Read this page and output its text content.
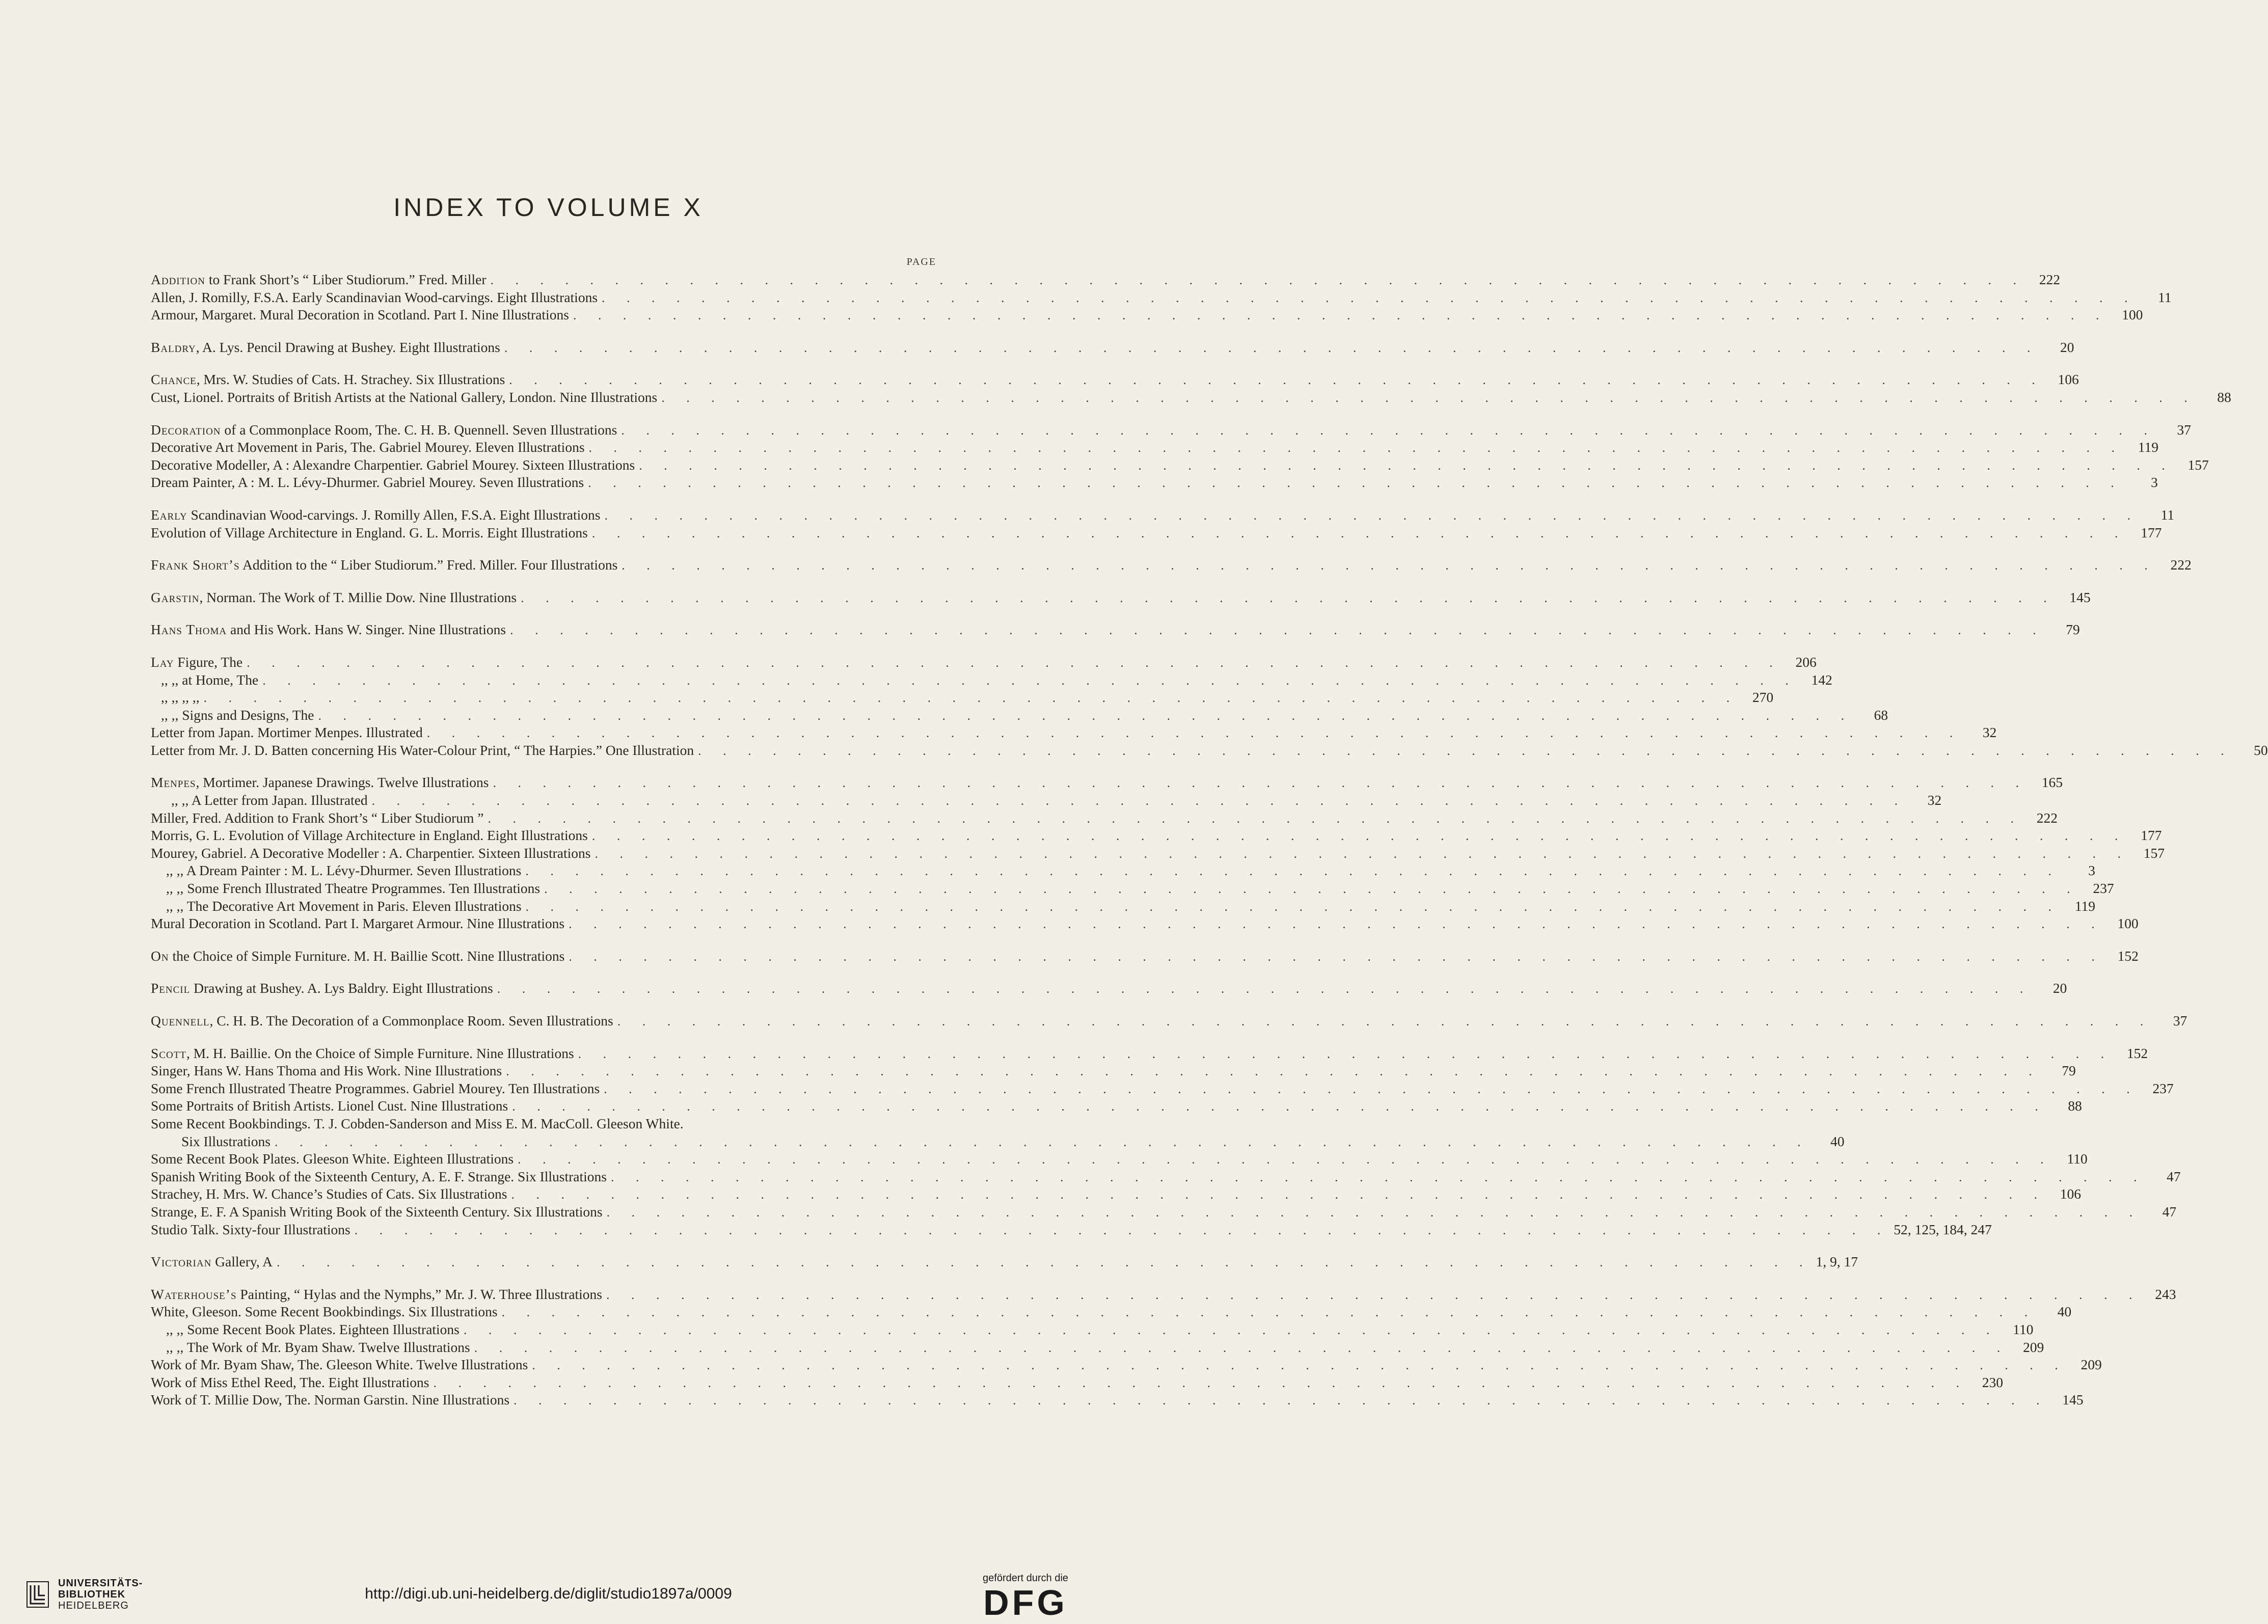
INDEX TO VOLUME X
PAGE
Addition to Frank Short’s “ Liber Studiorum.” Fred. Miller . . .	222
Allen, J. Romilly, F.S.A. Early Scandinavian Wood-carvings. Eight Illustrations . . .	11
Armour, Margaret. Mural Decoration in Scotland. Part I. Nine Illustrations . . .	100
Baldry, A. Lys. Pencil Drawing at Bushey. Eight Illustrations . . .	20
Chance, Mrs. W. Studies of Cats. H. Strachey. Six Illustrations . . .	106
Cust, Lionel. Portraits of British Artists at the National Gallery, London. Nine Illustrations . . .	88
Decoration of a Commonplace Room, The. C. H. B. Quennell. Seven Illustrations . . .	37
Decorative Art Movement in Paris, The. Gabriel Mourey. Eleven Illustrations . . .	119
Decorative Modeller, A : Alexandre Charpentier. Gabriel Mourey. Sixteen Illustrations . . .	157
Dream Painter, A : M. L. Lévy-Dhurmer. Gabriel Mourey. Seven Illustrations . . .	3
Early Scandinavian Wood-carvings. J. Romilly Allen, F.S.A. Eight Illustrations . . .	11
Evolution of Village Architecture in England. G. L. Morris. Eight Illustrations . . .	177
Frank Short’s Addition to the “ Liber Studiorum.” Fred. Miller. Four Illustrations . . .	222
Garstin, Norman. The Work of T. Millie Dow. Nine Illustrations . . .	145
Hans Thoma and His Work. Hans W. Singer. Nine Illustrations . . .	79
Lay Figure, The . . .	206
,, ,, at Home, The . . .	142
,, ,, ,, ,, . . .	270
,, ,, Signs and Designs, The . . .	68
Letter from Japan. Mortimer Menpes. Illustrated . . .	32
Letter from Mr. J. D. Batten concerning His Water-Colour Print, “ The Harpies.” One Illustration . . .	50
Menpes, Mortimer. Japanese Drawings. Twelve Illustrations . . .	165
,, ,, A Letter from Japan. Illustrated . . .	32
Miller, Fred. Addition to Frank Short’s “ Liber Studiorum ” . . .	222
Morris, G. L. Evolution of Village Architecture in England. Eight Illustrations . . .	177
Mourey, Gabriel. A Decorative Modeller : A. Charpentier. Sixteen Illustrations . . .	157
,, ,, A Dream Painter : M. L. Lévy-Dhurmer. Seven Illustrations . . .	3
,, ,, Some French Illustrated Theatre Programmes. Ten Illustrations . . .	237
,, ,, The Decorative Art Movement in Paris. Eleven Illustrations . . .	119
Mural Decoration in Scotland. Part I. Margaret Armour. Nine Illustrations . . .	100
On the Choice of Simple Furniture. M. H. Baillie Scott. Nine Illustrations . . .	152
Pencil Drawing at Bushey. A. Lys Baldry. Eight Illustrations . . .	20
Quennell, C. H. B. The Decoration of a Commonplace Room. Seven Illustrations . . .	37
Scott, M. H. Baillie. On the Choice of Simple Furniture. Nine Illustrations . . .	152
Singer, Hans W. Hans Thoma and His Work. Nine Illustrations . . .	79
Some French Illustrated Theatre Programmes. Gabriel Mourey. Ten Illustrations . . .	237
Some Portraits of British Artists. Lionel Cust. Nine Illustrations . . .	88
Some Recent Bookbindings. T. J. Cobden-Sanderson and Miss E. M. MacColl. Gleeson White.
Six Illustrations . . .	40
Some Recent Book Plates. Gleeson White. Eighteen Illustrations . . .	110
Spanish Writing Book of the Sixteenth Century, A. E. F. Strange. Six Illustrations . . .	47
Strachey, H. Mrs. W. Chance’s Studies of Cats. Six Illustrations . . .	106
Strange, E. F. A Spanish Writing Book of the Sixteenth Century. Six Illustrations . . .	47
Studio Talk. Sixty-four Illustrations . . .	52, 125, 184, 247
Victorian Gallery, A . . .	1, 9, 17
Waterhouse’s Painting, “ Hylas and the Nymphs,” Mr. J. W. Three Illustrations . . .	243
White, Gleeson. Some Recent Bookbindings. Six Illustrations . . .	40
,, ,, Some Recent Book Plates. Eighteen Illustrations . . .	110
,, ,, The Work of Mr. Byam Shaw. Twelve Illustrations . . .	209
Work of Mr. Byam Shaw, The. Gleeson White. Twelve Illustrations . . .	209
Work of Miss Ethel Reed, The. Eight Illustrations . . .	230
Work of T. Millie Dow, The. Norman Garstin. Nine Illustrations . . .	145
UNIVERSITÄTS-
BIBLIOTHEK
HEIDELBERG
http://digi.ub.uni-heidelberg.de/diglit/studio1897a/0009
gefördert durch die
DFG
